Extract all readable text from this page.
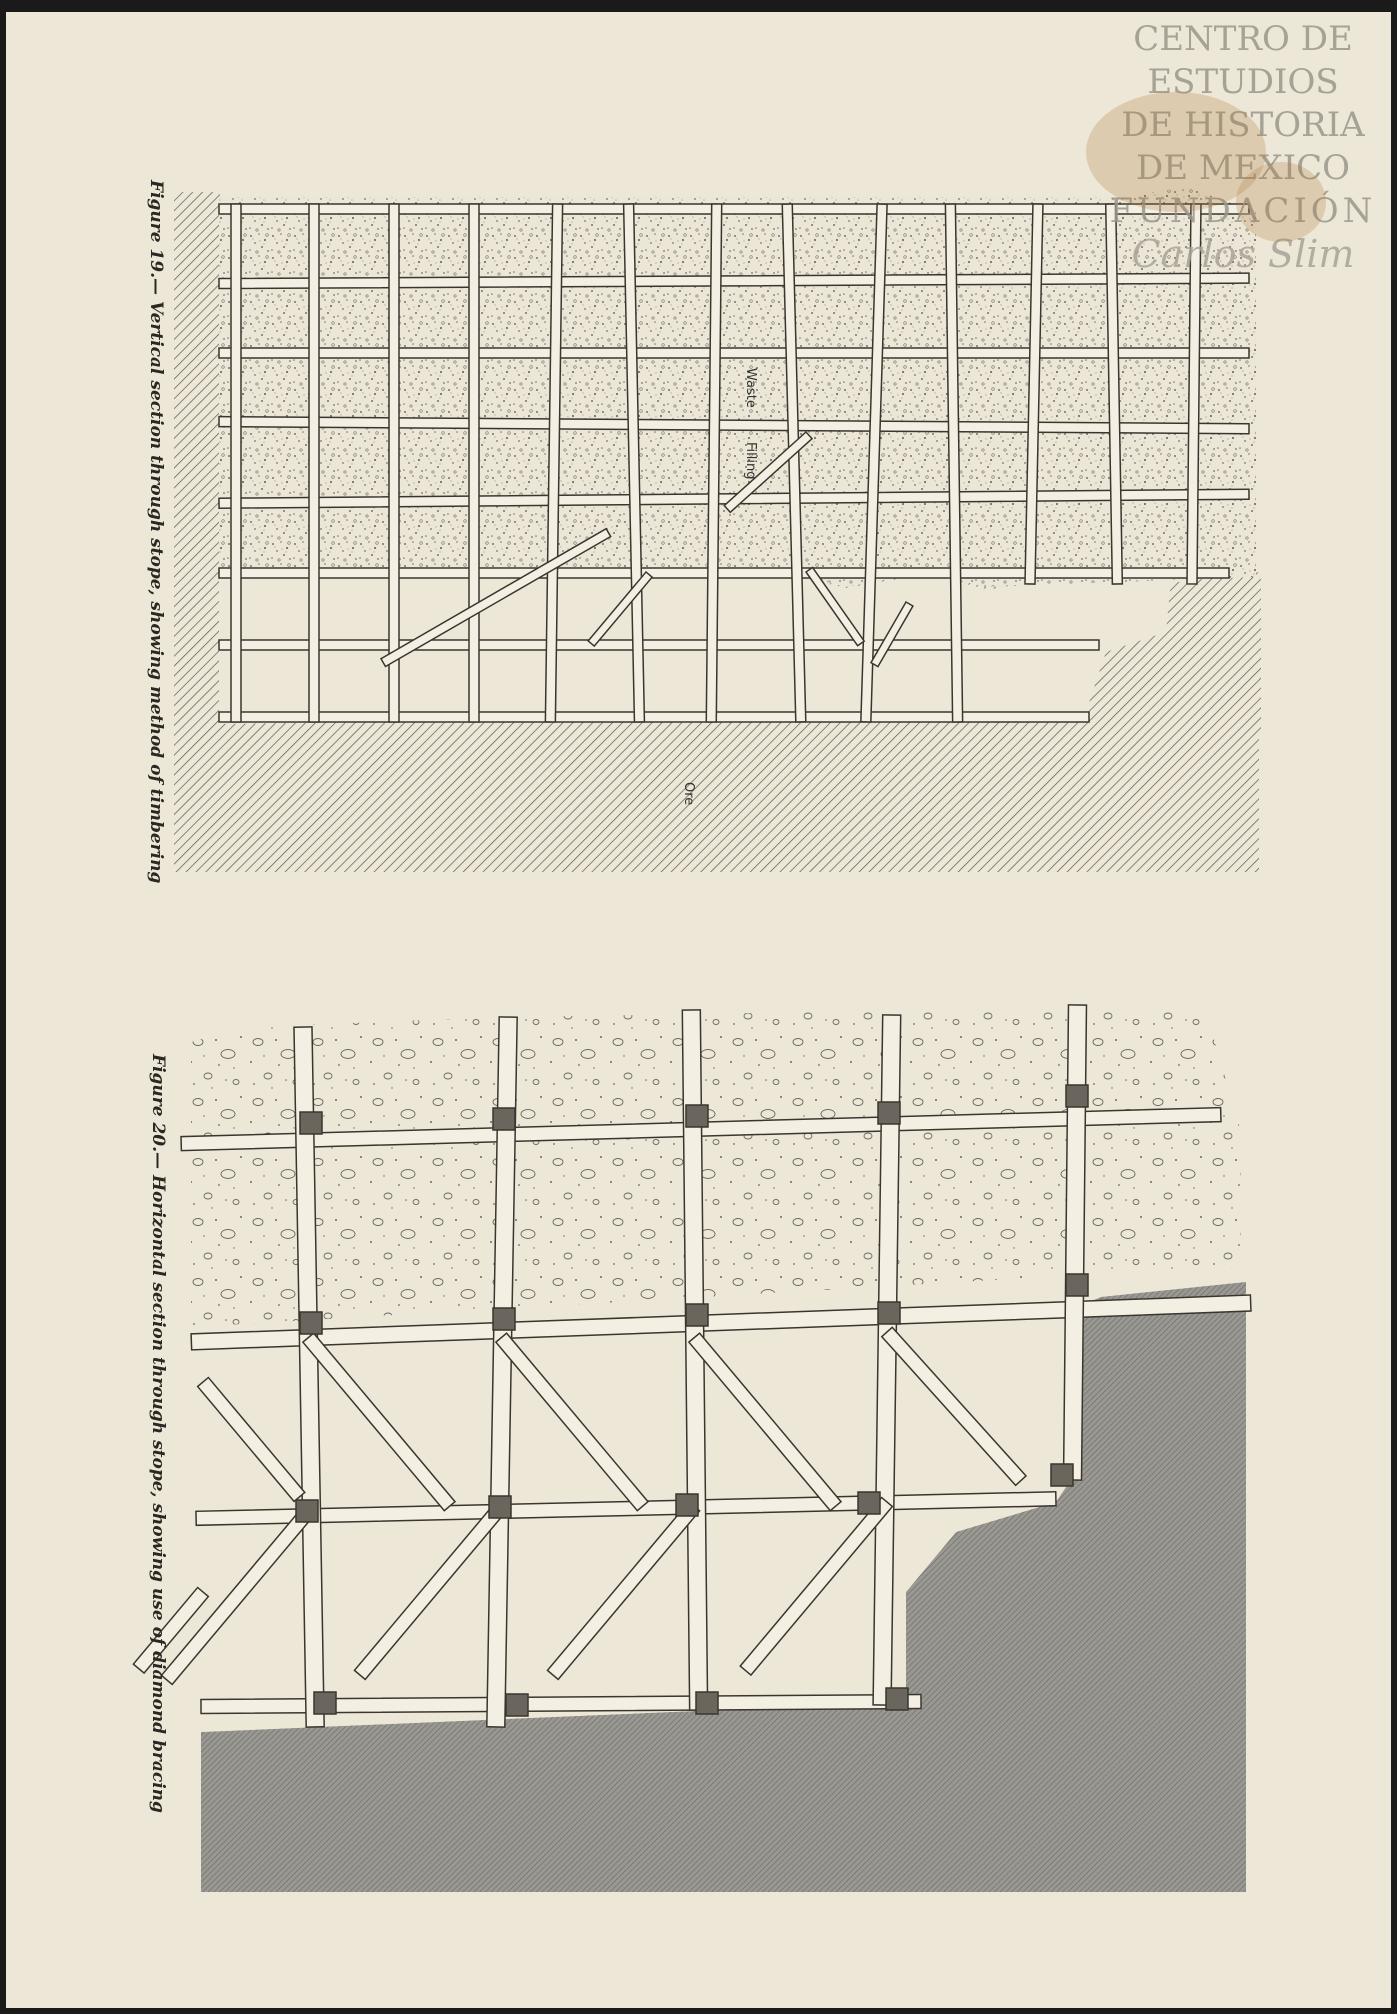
Figure 19.— Vertical section through stope, showing method of timbering
Figure 20.— Horizontal section through stope, showing use of diamond bracing
Waste
Filling
Ore
CENTRO DE
ESTUDIOS
DE HISTORIA
DE MEXICO
FUNDACIÓN
Carlos Slim
